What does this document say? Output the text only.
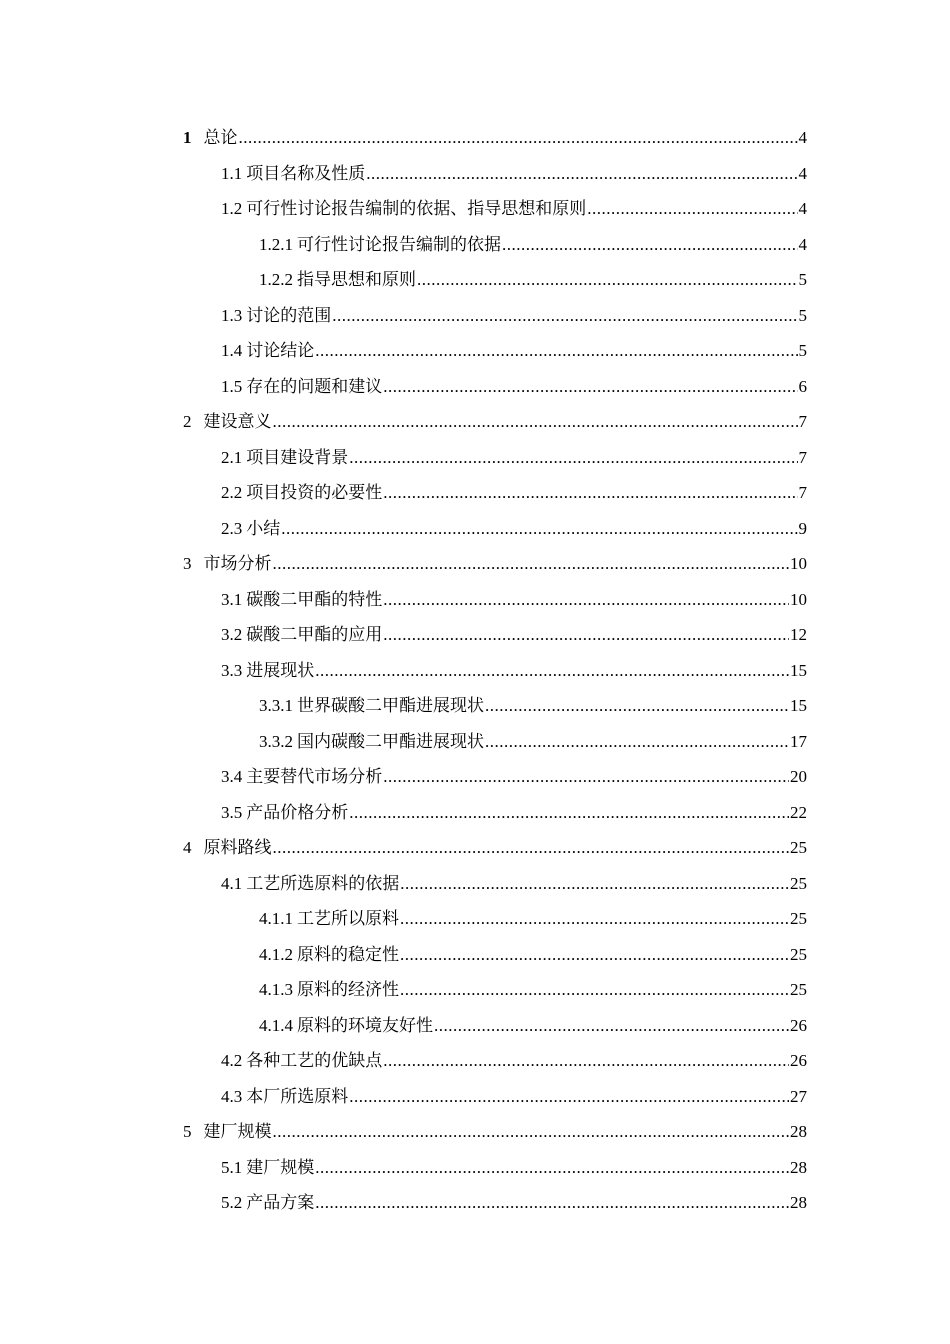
1 总论 .....	4
1.1 项目名称及性质 .....	4
1.2 可行性讨论报告编制的依据、指导思想和原则 .....	4
1.2.1 可行性讨论报告编制的依据 .....	4
1.2.2 指导思想和原则 .....	5
1.3 讨论的范围 .....	5
1.4 讨论结论 .....	5
1.5 存在的问题和建议 .....	6
2 建设意义 .....	7
2.1 项目建设背景 .....	7
2.2 项目投资的必要性 .....	7
2.3 小结 .....	9
3 市场分析 .....	10
3.1 碳酸二甲酯的特性 .....	10
3.2 碳酸二甲酯的应用 .....	12
3.3 进展现状 .....	15
3.3.1 世界碳酸二甲酯进展现状 .....	15
3.3.2 国内碳酸二甲酯进展现状 .....	17
3.4 主要替代市场分析 .....	20
3.5 产品价格分析 .....	22
4 原料路线 .....	25
4.1 工艺所选原料的依据 .....	25
4.1.1 工艺所以原料 .....	25
4.1.2 原料的稳定性 .....	25
4.1.3 原料的经济性 .....	25
4.1.4 原料的环境友好性 .....	26
4.2 各种工艺的优缺点 .....	26
4.3 本厂所选原料 .....	27
5 建厂规模 .....	28
5.1 建厂规模 .....	28
5.2 产品方案 .....	28
